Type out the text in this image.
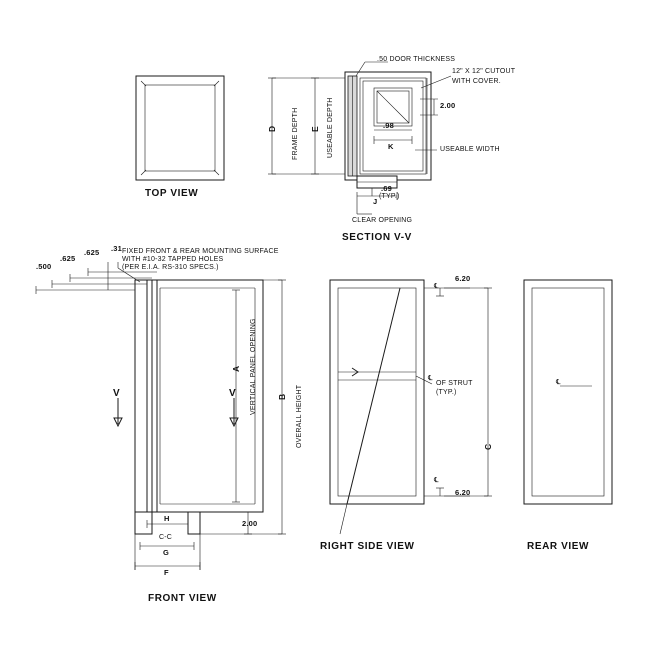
TOP VIEW
.50 DOOR THICKNESS
12" X 12" CUTOUT
WITH COVER.
2.00
.98
USEABLE WIDTH
FRAME DEPTH	USEABLE DEPTH
D	E
K
J
.69
(TYP.)
CLEAR OPENING
SECTION V-V
FIXED FRONT & REAR MOUNTING SURFACE
WITH #10-32 TAPPED HOLES
(PER E.I.A. RS-310 SPECS.)
.500
.625
.625 .31
A
B
VERTICAL PANEL OPENING
OVERALL HEIGHT
2.00
V	V
H
C-C
G
F
FRONT VIEW
6.20
6.20
OF STRUT
(TYP.)
℄
℄
℄
C
RIGHT SIDE VIEW
℄
REAR VIEW
